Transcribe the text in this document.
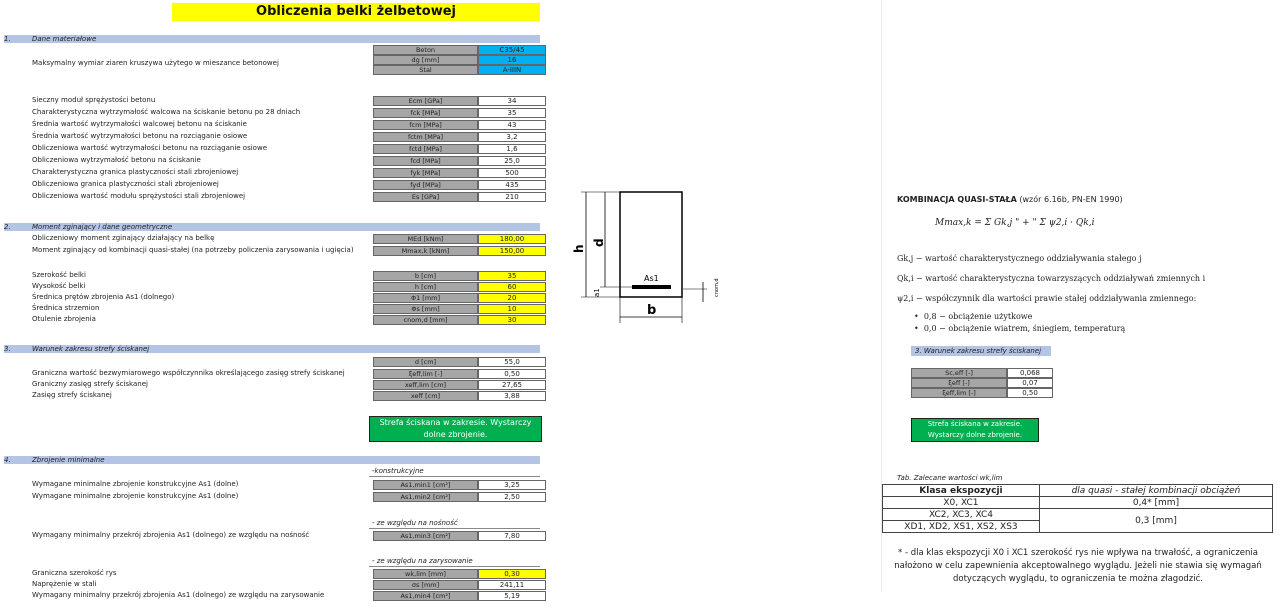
Obliczenia belki żelbetowej
1.	Dane materiałowe
Beton	C35/45
Maksymalny wymiar ziaren kruszywa użytego w mieszance betonowej	dg [mm]	16
Stal	A-IIIN
Sieczny moduł sprężystości betonu	Ecm [GPa]	34
Charakterystyczna wytrzymałość walcowa na ściskanie betonu po 28 dniach	fck [MPa]	35
Średnia wartość wytrzymałości walcowej betonu na ściskanie	fcm [MPa]	43
Średnia wartość wytrzymałości betonu na rozciąganie osiowe	fctm [MPa]	3,2
Obliczeniowa wartość wytrzymałości betonu na rozciąganie osiowe	fctd [MPa]	1,6
Obliczeniowa wytrzymałość betonu na ściskanie	fcd [MPa]	25,0
Charakterystyczna granica plastyczności stali zbrojeniowej	fyk [MPa]	500
Obliczeniowa granica plastyczności stali zbrojeniowej	fyd [MPa]	435
Obliczeniowa wartość modułu sprężystości stali zbrojeniowej	Es [GPa]	210
2.	Moment zginający i dane geometryczne
Obliczeniowy moment zginający działający na belkę	MEd [kNm]	180,00
Moment zginający od kombinacji quasi-stałej (na potrzeby policzenia zarysowania i ugięcia)	Mmax,k [kNm]	150,00
Szerokość belki	b [cm]	35
Wysokość belki	h [cm]	60
Średnica prętów zbrojenia As1 (dolnego)	Φ1 [mm]	20
Średnica strzemion	Φs [mm]	10
Otulenie zbrojenia	cnom,d [mm]	30
3.	Warunek zakresu strefy ściskanej
d [cm]	55,0
Graniczna wartość bezwymiarowego współczynnika określającego zasięg strefy ściskanej	ξeff,lim [-]	0,50
Graniczny zasięg strefy ściskanej	xeff,lim [cm]	27,65
Zasięg strefy ściskanej	xeff [cm]	3,88
Strefa ściskana w zakresie. Wystarczy dolne zbrojenie.
4.	Zbrojenie minimalne
-konstrukcyjne
- ze względu na nośność
- ze względu na zarysowanie
Wymagane minimalne zbrojenie konstrukcyjne As1 (dolne)	As1,min1 [cm²]	3,25
Wymagane minimalne zbrojenie konstrukcyjne As1 (dolne)	As1,min2 [cm²]	2,50
Wymagany minimalny przekrój zbrojenia As1 (dolnego) ze względu na nośność	As1,min3 [cm²]	7,80
Graniczna szerokość rys	wk,lim [mm]	0,30
Naprężenie w stali	σs [mm]	241,11
Wymagany minimalny przekrój zbrojenia As1 (dolnego) ze względu na zarysowanie	As1,min4 [cm²]	5,19
h
d
a1
As1
b
cnom,d
KOMBINACJA QUASI-STAŁA (wzór 6.16b, PN-EN 1990)
Mmax,k = Σ Gk,j " + " Σ ψ2,i · Qk,i
Gk,j − wartość charakterystycznego oddziaływania stałego j
Qk,i − wartość charakterystyczna towarzyszących oddziaływań zmiennych i
ψ2,i − współczynnik dla wartości prawie stałej oddziaływania zmiennego:
•  0,8 − obciążenie użytkowe
•  0,0 − obciążenie wiatrem, śniegiem, temperaturą
3. Warunek zakresu strefy ściskanej
Sc,eff [-]	0,068
ξeff [-]	0,07
ξeff,lim [-]	0,50
Strefa ściskana w zakresie. Wystarczy dolne zbrojenie.
Tab. Zalecane wartości wk,lim
Klasa ekspozycji	dla quasi - stałej kombinacji obciążeń
X0, XC1	0,4* [mm]
XC2, XC3, XC4	0,3 [mm]
XD1, XD2, XS1, XS2, XS3	
* - dla klas ekspozycji X0 i XC1 szerokość rys nie wpływa na trwałość, a ograniczenia nałożono w celu zapewnienia akceptowalnego wyglądu. Jeżeli nie stawia się wymagań dotyczących wyglądu, to ograniczenia te można złagodzić.
